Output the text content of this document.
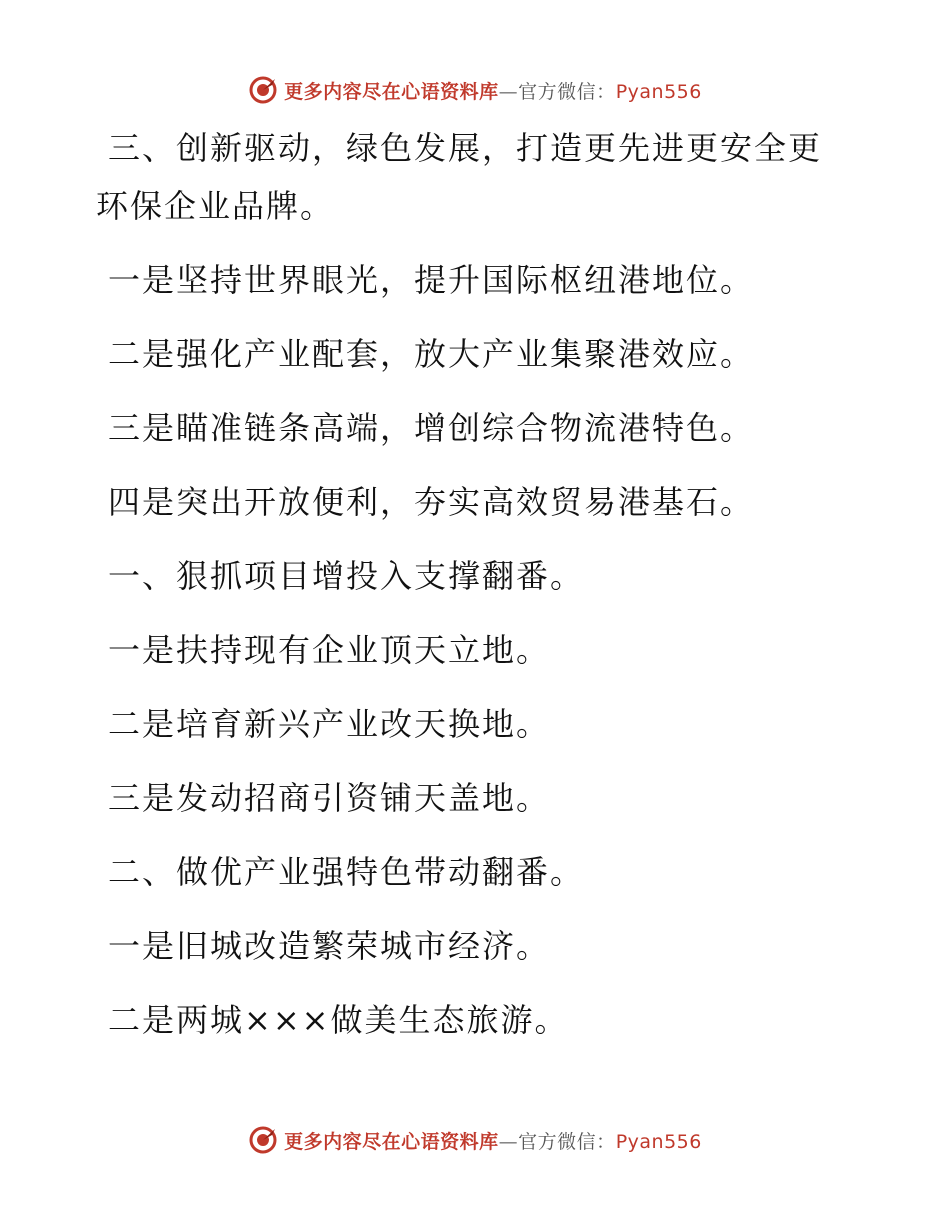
更多内容尽在心语资料库—官方微信：Pyan556
三、创新驱动，绿色发展，打造更先进更安全更
环保企业品牌。
一是坚持世界眼光，提升国际枢纽港地位。
二是强化产业配套，放大产业集聚港效应。
三是瞄准链条高端，增创综合物流港特色。
四是突出开放便利，夯实高效贸易港基石。
一、狠抓项目增投入支撑翻番。
一是扶持现有企业顶天立地。
二是培育新兴产业改天换地。
三是发动招商引资铺天盖地。
二、做优产业强特色带动翻番。
一是旧城改造繁荣城市经济。
二是两城×××做美生态旅游。
更多内容尽在心语资料库—官方微信：Pyan556
